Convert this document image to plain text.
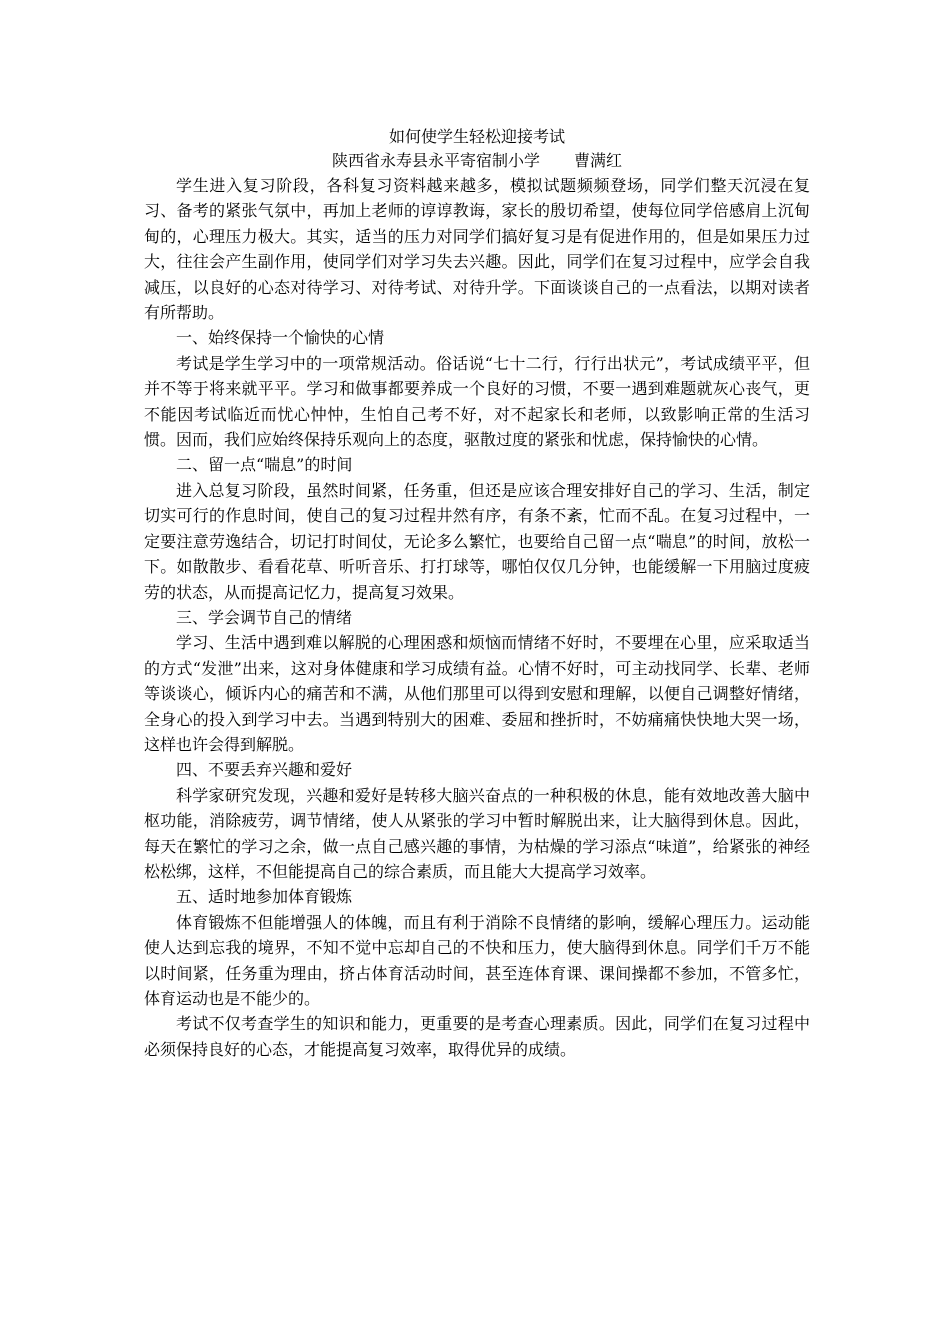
如何使学生轻松迎接考试

陕西省永寿县永平寄宿制小学 曹满红

学生进入复习阶段，各科复习资料越来越多，模拟试题频频登场，同学们整天沉浸在复习、备考的紧张气氛中，再加上老师的谆谆教诲，家长的殷切希望，使每位同学倍感肩上沉甸甸的，心理压力极大。其实，适当的压力对同学们搞好复习是有促进作用的，但是如果压力过大，往往会产生副作用，使同学们对学习失去兴趣。因此，同学们在复习过程中，应学会自我减压，以良好的心态对待学习、对待考试、对待升学。下面谈谈自己的一点看法，以期对读者有所帮助。

一、始终保持一个愉快的心情

考试是学生学习中的一项常规活动。俗话说“七十二行，行行出状元”，考试成绩平平，但并不等于将来就平平。学习和做事都要养成一个良好的习惯，不要一遇到难题就灰心丧气，更不能因考试临近而忧心忡忡，生怕自己考不好，对不起家长和老师，以致影响正常的生活习惯。因而，我们应始终保持乐观向上的态度，驱散过度的紧张和忧虑，保持愉快的心情。

二、留一点“喘息”的时间

进入总复习阶段，虽然时间紧，任务重，但还是应该合理安排好自己的学习、生活，制定切实可行的作息时间，使自己的复习过程井然有序，有条不紊，忙而不乱。在复习过程中，一定要注意劳逸结合，切记打时间仗，无论多么繁忙，也要给自己留一点“喘息”的时间，放松一下。如散散步、看看花草、听听音乐、打打球等，哪怕仅仅几分钟，也能缓解一下用脑过度疲劳的状态，从而提高记忆力，提高复习效果。

三、学会调节自己的情绪

学习、生活中遇到难以解脱的心理困惑和烦恼而情绪不好时，不要埋在心里，应采取适当的方式“发泄”出来，这对身体健康和学习成绩有益。心情不好时，可主动找同学、长辈、老师等谈谈心，倾诉内心的痛苦和不满，从他们那里可以得到安慰和理解，以便自己调整好情绪，全身心的投入到学习中去。当遇到特别大的困难、委屈和挫折时，不妨痛痛快快地大哭一场，这样也许会得到解脱。

四、不要丢弃兴趣和爱好

科学家研究发现，兴趣和爱好是转移大脑兴奋点的一种积极的休息，能有效地改善大脑中枢功能，消除疲劳，调节情绪，使人从紧张的学习中暂时解脱出来，让大脑得到休息。因此，每天在繁忙的学习之余，做一点自己感兴趣的事情，为枯燥的学习添点“味道”，给紧张的神经松松绑，这样，不但能提高自己的综合素质，而且能大大提高学习效率。

五、适时地参加体育锻炼

体育锻炼不但能增强人的体魄，而且有利于消除不良情绪的影响，缓解心理压力。运动能使人达到忘我的境界，不知不觉中忘却自己的不快和压力，使大脑得到休息。同学们千万不能以时间紧，任务重为理由，挤占体育活动时间，甚至连体育课、课间操都不参加，不管多忙，体育运动也是不能少的。

考试不仅考查学生的知识和能力，更重要的是考查心理素质。因此，同学们在复习过程中必须保持良好的心态，才能提高复习效率，取得优异的成绩。
